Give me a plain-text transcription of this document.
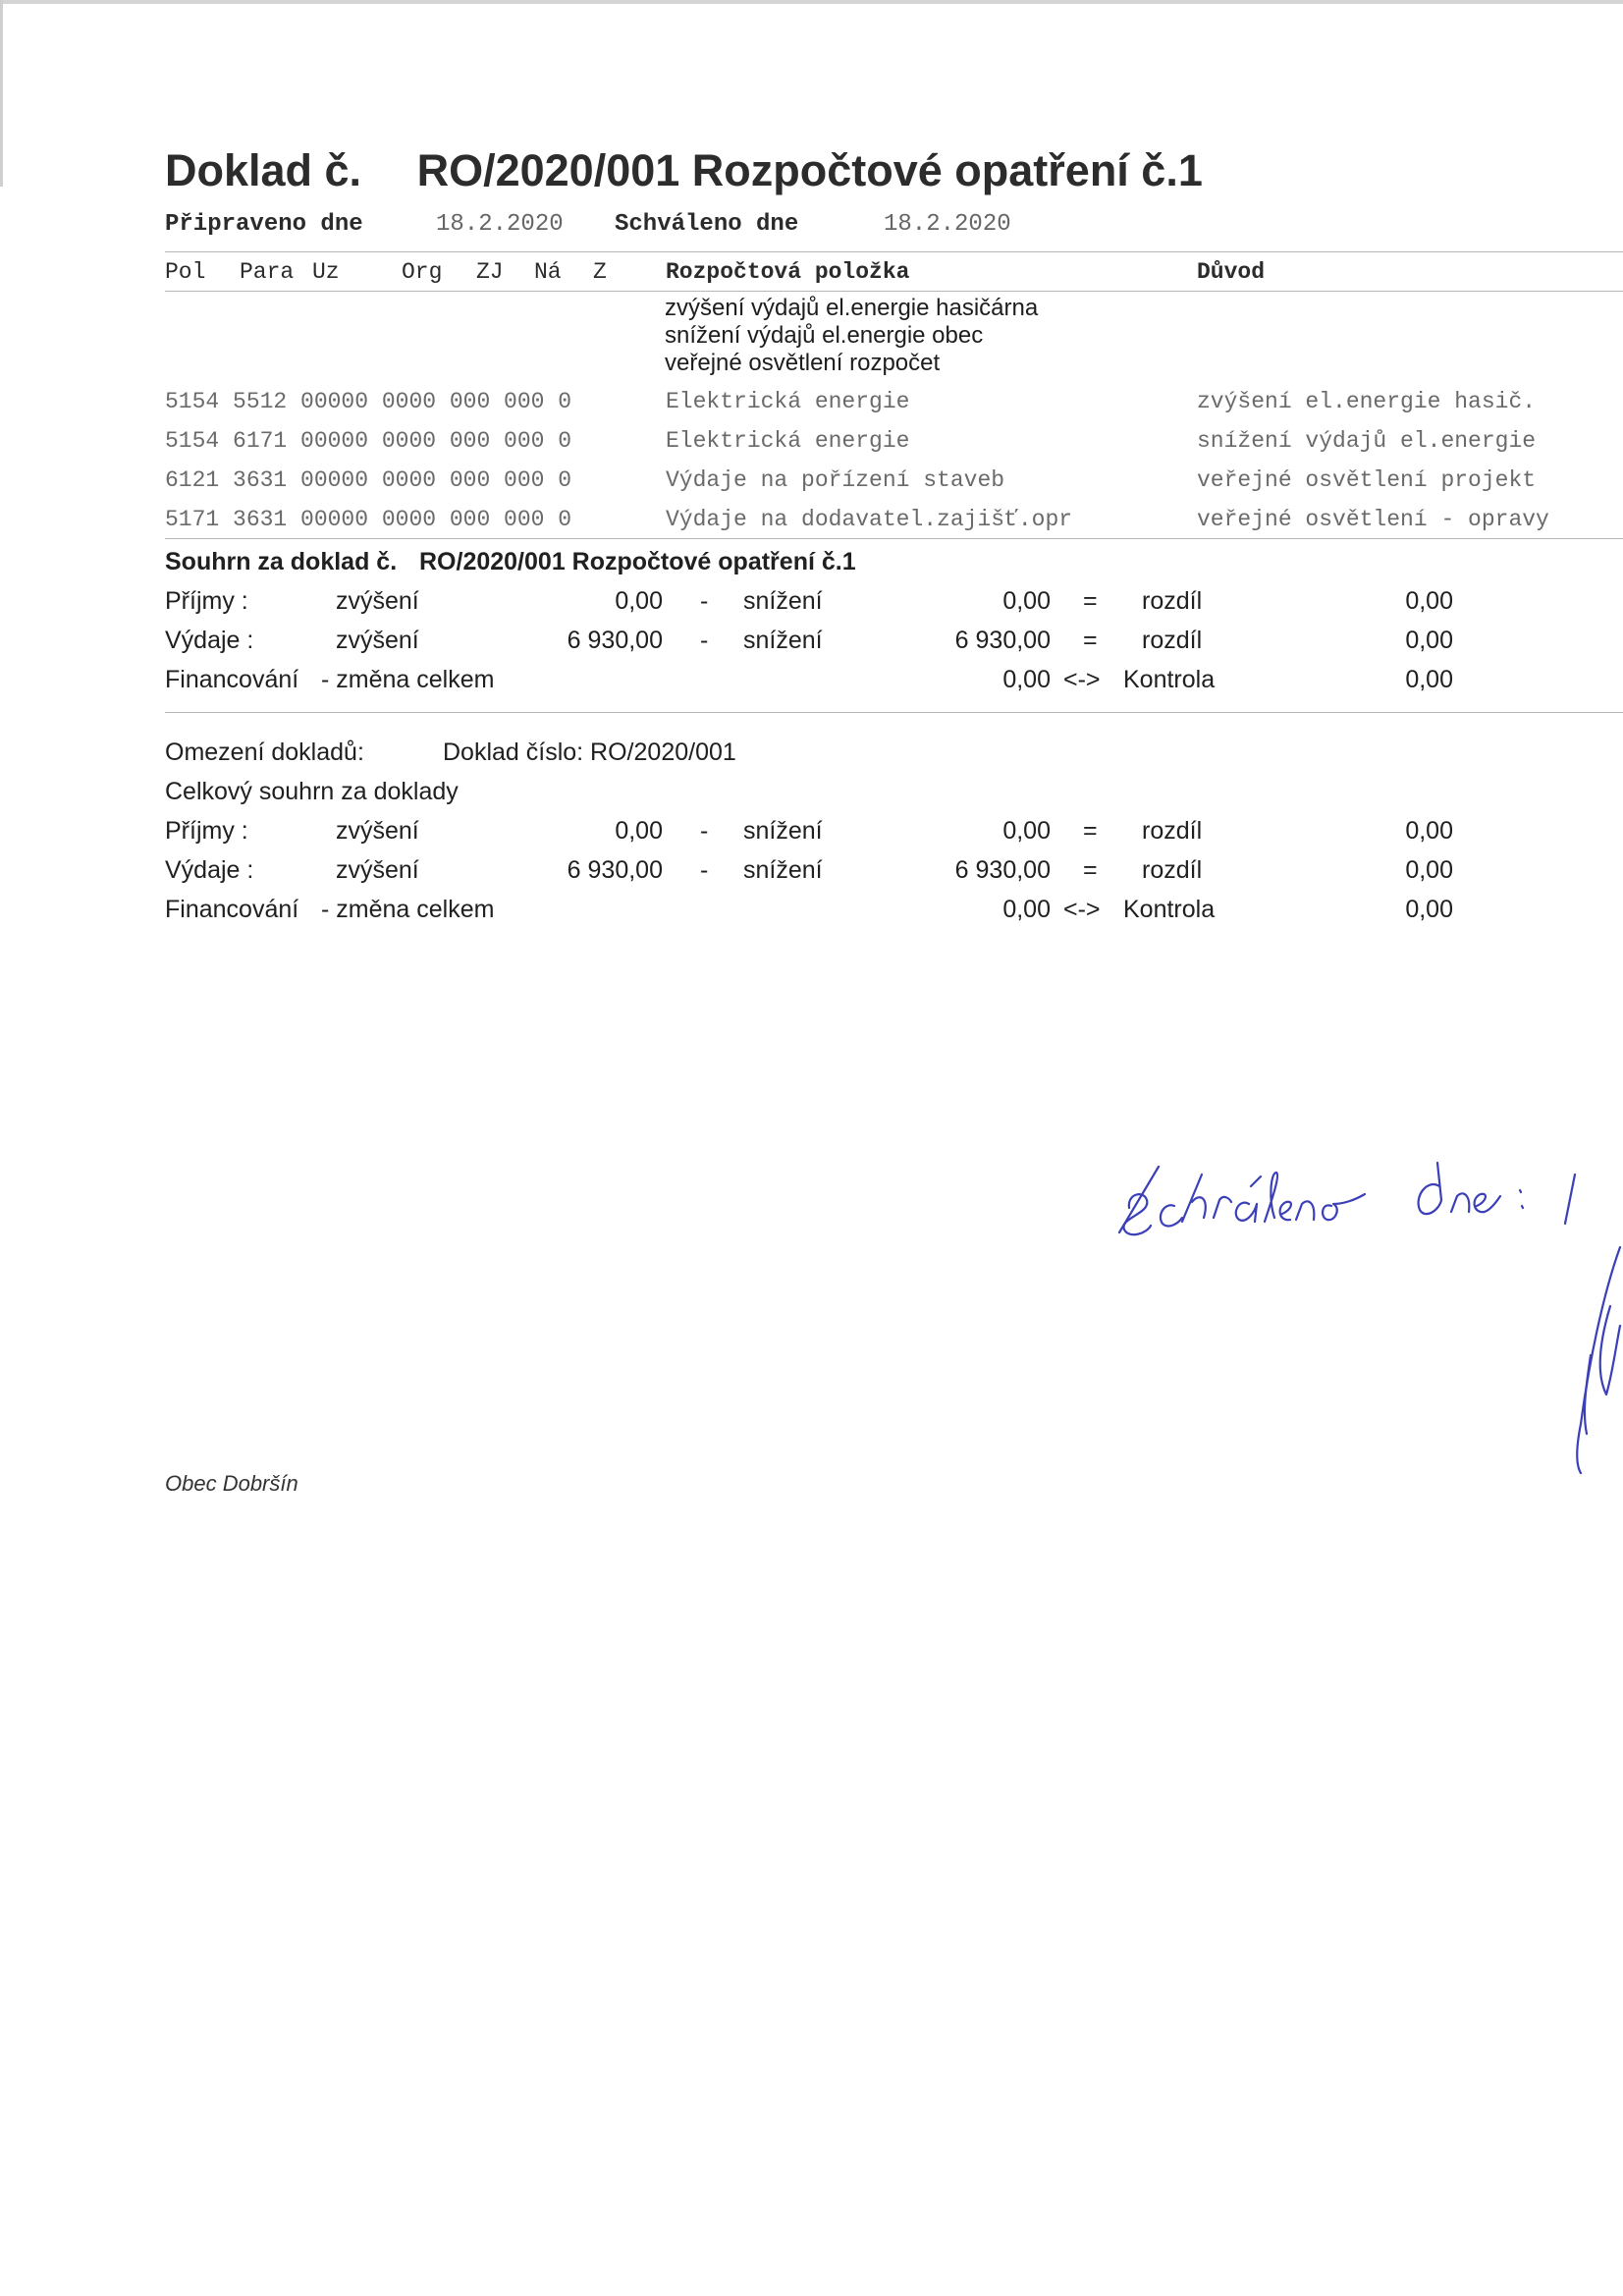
Doklad č. RO/2020/001 Rozpočtové opatření č.1
Připraveno dne	18.2.2020 Schváleno dne	18.2.2020
Pol Para Uz	Org ZJ Ná Z	Rozpočtová položka	Důvod
zvýšení výdajů el.energie hasičárna
snížení výdajů el.energie obec
veřejné osvětlení rozpočet
5154 5512 00000 0000 000 000 0	Elektrická energie	zvýšení el.energie hasič.
5154 6171 00000 0000 000 000 0	Elektrická energie	snížení výdajů el.energie
6121 3631 00000 0000 000 000 0	Výdaje na pořízení staveb	veřejné osvětlení projekt
5171 3631 00000 0000 000 000 0	Výdaje na dodavatel.zajišť.opr	veřejné osvětlení - opravy
Souhrn za doklad č. RO/2020/001 Rozpočtové opatření č.1
Příjmy :	zvýšení	0,00 - snížení	0,00 = rozdíl	0,00
Výdaje :	zvýšení	6 930,00 - snížení	6 930,00 = rozdíl	0,00
Financování - změna celkem	0,00 <-> Kontrola	0,00
Omezení dokladů:	Doklad číslo: RO/2020/001
Celkový souhrn za doklady
Příjmy :	zvýšení	0,00 - snížení	0,00 = rozdíl	0,00
Výdaje :	zvýšení	6 930,00 - snížení	6 930,00 = rozdíl	0,00
Financování - změna celkem	0,00 <-> Kontrola	0,00
Obec Dobršín
